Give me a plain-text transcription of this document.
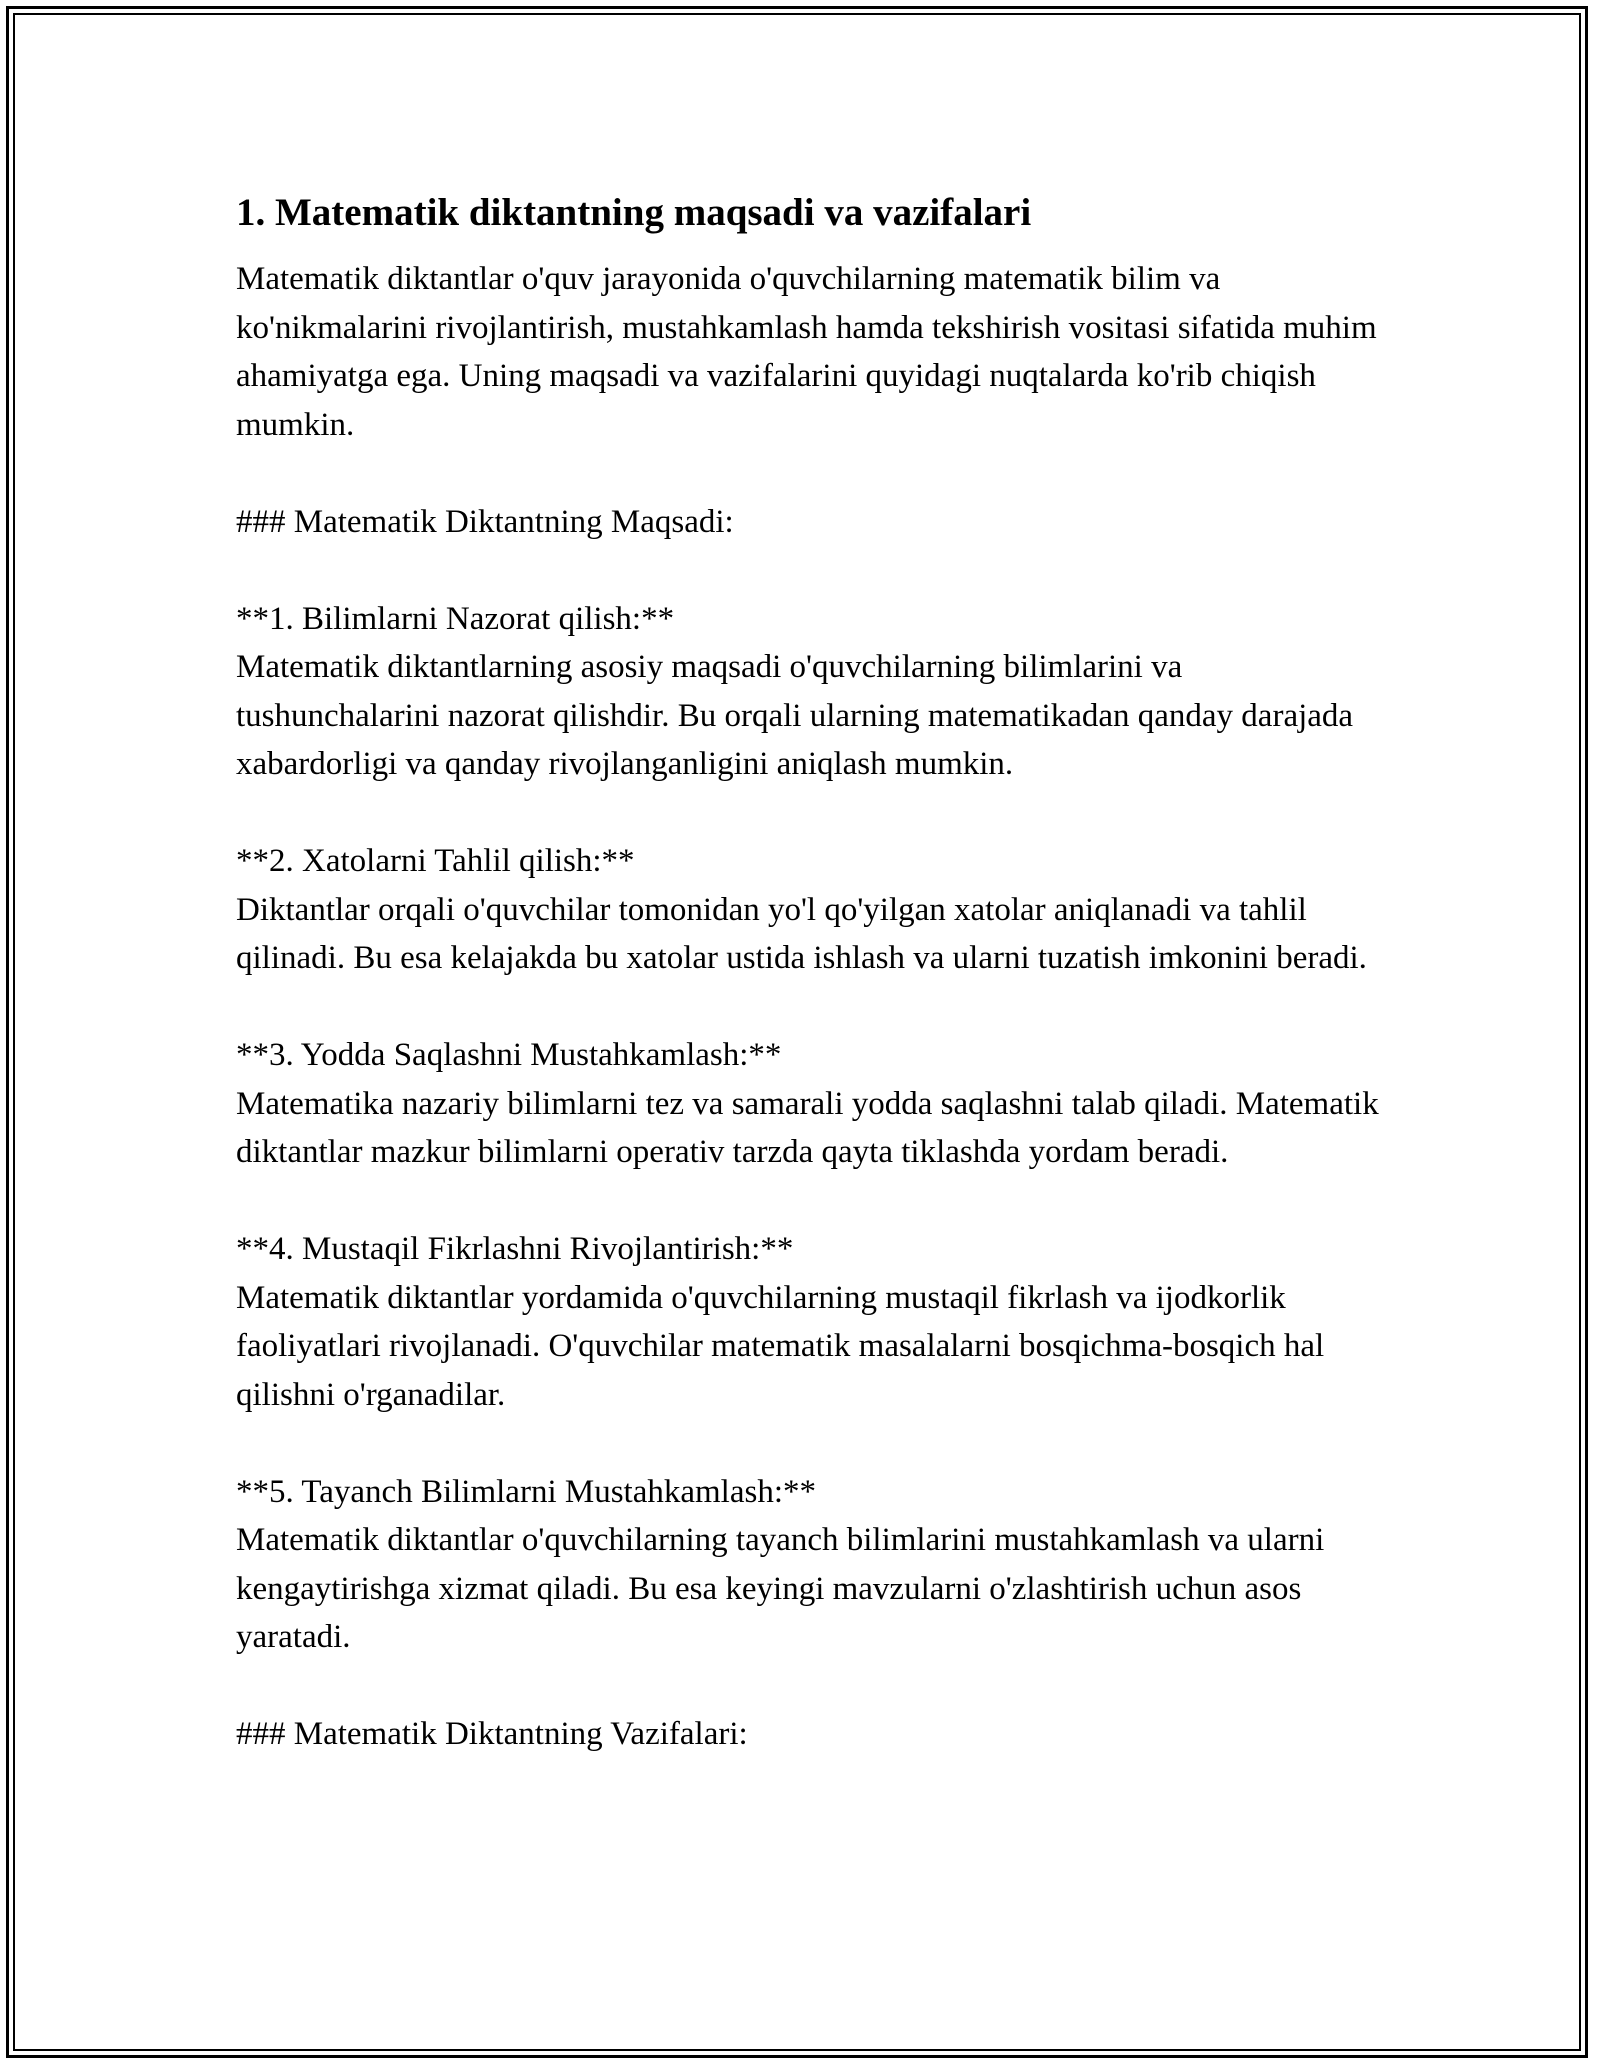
1. Matematik diktantning maqsadi va vazifalari

Matematik diktantlar o'quv jarayonida o'quvchilarning matematik bilim va ko'nikmalarini rivojlantirish, mustahkamlash hamda tekshirish vositasi sifatida muhim ahamiyatga ega. Uning maqsadi va vazifalarini quyidagi nuqtalarda ko'rib chiqish mumkin.

### Matematik Diktantning Maqsadi:

**1. Bilimlarni Nazorat qilish:**

Matematik diktantlarning asosiy maqsadi o'quvchilarning bilimlarini va tushunchalarini nazorat qilishdir. Bu orqali ularning matematikadan qanday darajada xabardorligi va qanday rivojlanganligini aniqlash mumkin.

**2. Xatolarni Tahlil qilish:**

Diktantlar orqali o'quvchilar tomonidan yo'l qo'yilgan xatolar aniqlanadi va tahlil qilinadi. Bu esa kelajakda bu xatolar ustida ishlash va ularni tuzatish imkonini beradi.

**3. Yodda Saqlashni Mustahkamlash:**

Matematika nazariy bilimlarni tez va samarali yodda saqlashni talab qiladi. Matematik diktantlar mazkur bilimlarni operativ tarzda qayta tiklashda yordam beradi.

**4. Mustaqil Fikrlashni Rivojlantirish:**

Matematik diktantlar yordamida o'quvchilarning mustaqil fikrlash va ijodkorlik faoliyatlari rivojlanadi. O'quvchilar matematik masalalarni bosqichma-bosqich hal qilishni o'rganadilar.

**5. Tayanch Bilimlarni Mustahkamlash:**

Matematik diktantlar o'quvchilarning tayanch bilimlarini mustahkamlash va ularni kengaytirishga xizmat qiladi. Bu esa keyingi mavzularni o'zlashtirish uchun asos yaratadi.

### Matematik Diktantning Vazifalari:
